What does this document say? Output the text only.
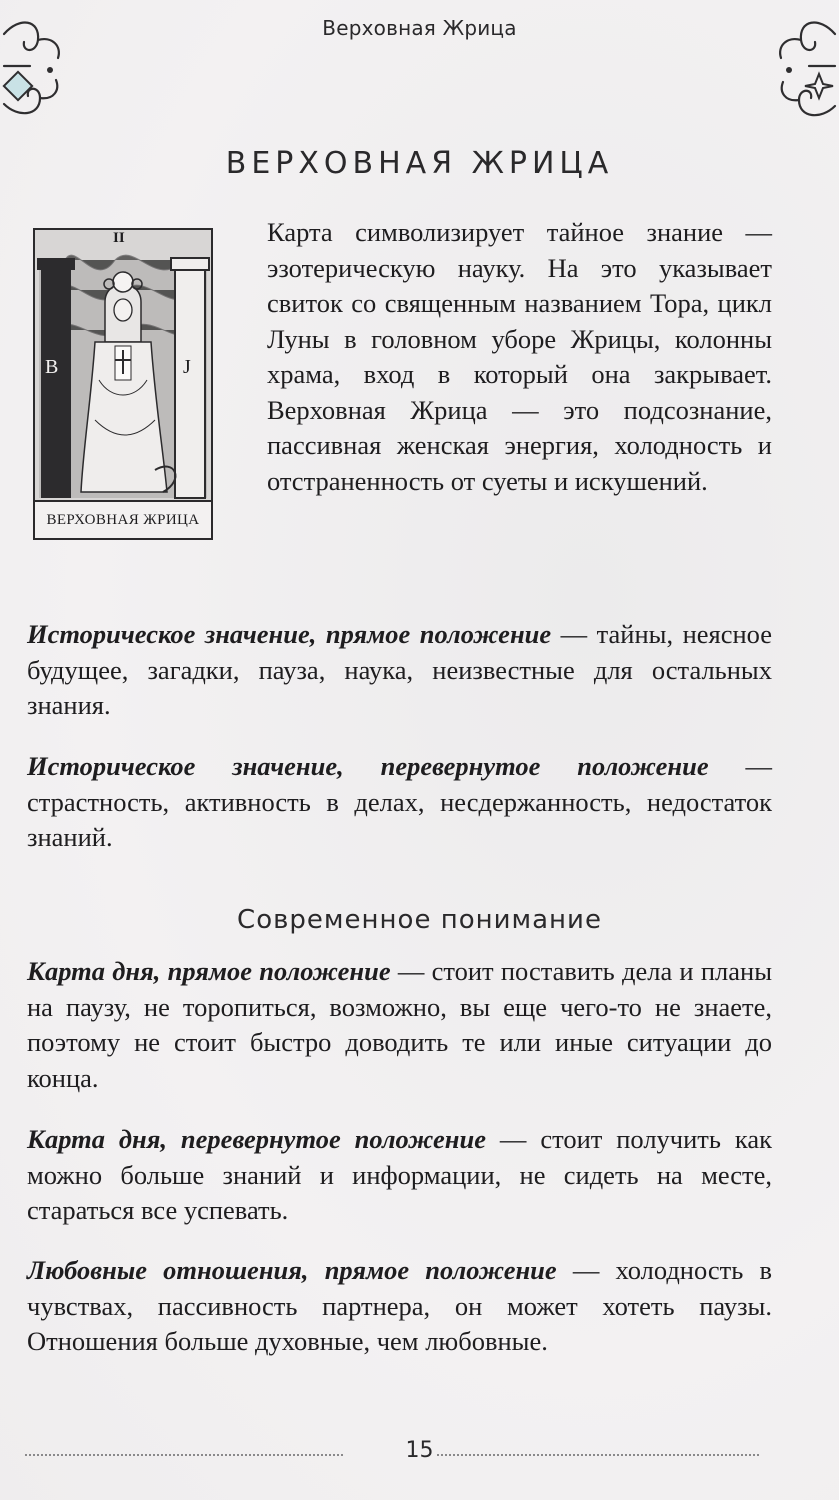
Верховная Жрица
ВЕРХОВНАЯ ЖРИЦА
II
B	J
ВЕРХОВНАЯ ЖРИЦА

Карта символизирует тайное знание — эзотерическую науку. На это указывает свиток со священным названием Тора, цикл Луны в головном уборе Жрицы, колонны храма, вход в который она закрывает. Верховная Жрица — это подсознание, пассивная женская энергия, холодность и отстраненность от суеты и искушений.

Историческое значение, прямое положение — тайны, неясное будущее, загадки, пауза, наука, неизвестные для остальных знания.

Историческое значение, перевернутое положение — страстность, активность в делах, несдержанность, недостаток знаний.

Современное понимание

Карта дня, прямое положение — стоит поставить дела и планы на паузу, не торопиться, возможно, вы еще чего-то не знаете, поэтому не стоит быстро доводить те или иные ситуации до конца.

Карта дня, перевернутое положение — стоит получить как можно больше знаний и информации, не сидеть на месте, стараться все успевать.

Любовные отношения, прямое положение — холодность в чувствах, пассивность партнера, он может хотеть паузы. Отношения больше духовные, чем любовные.

15
